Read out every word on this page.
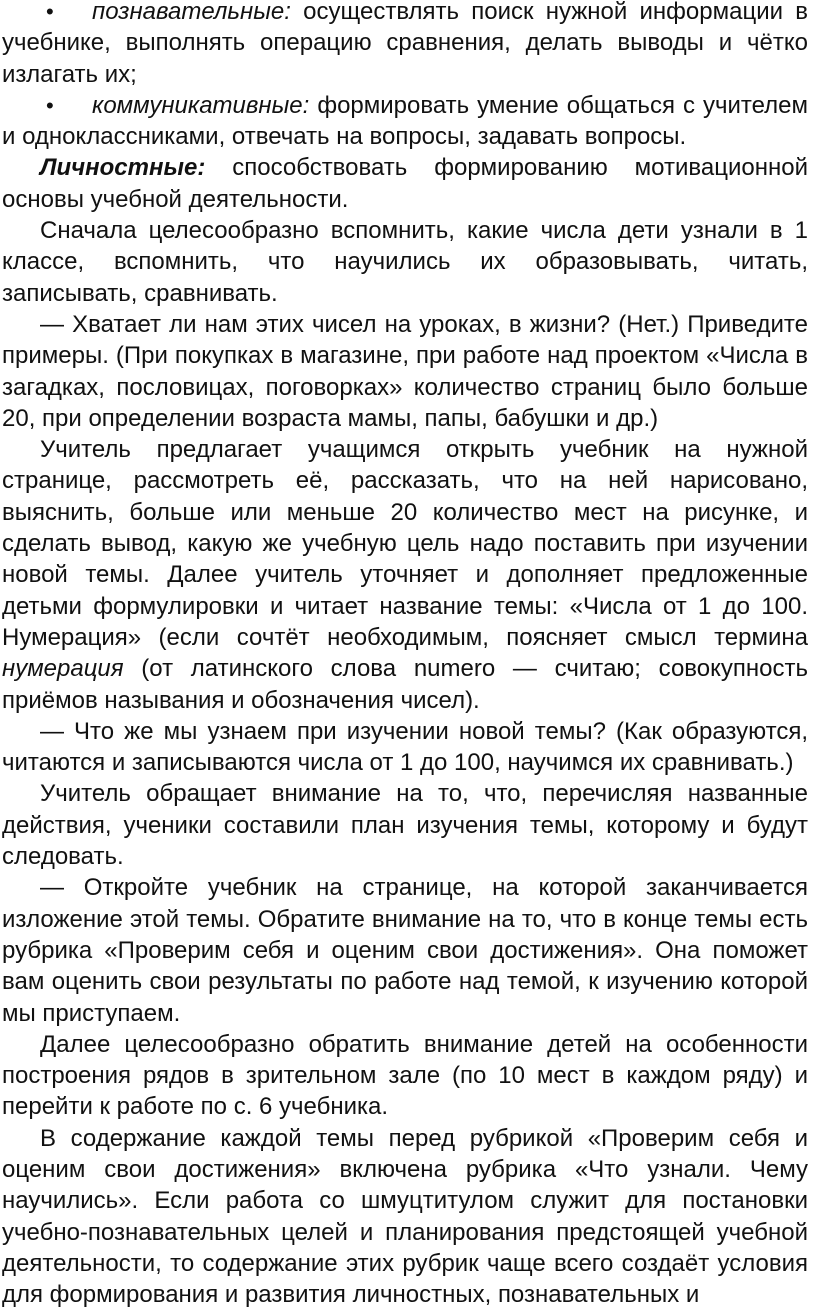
• познавательные: осуществлять поиск нужной информации в учебнике, выполнять операцию сравнения, делать выводы и чётко излагать их;

• коммуникативные: формировать умение общаться с учителем и одноклассниками, отвечать на вопросы, задавать вопросы.

Личностные: способствовать формированию мотивационной основы учебной деятельности.

Сначала целесообразно вспомнить, какие числа дети узнали в 1 классе, вспомнить, что научились их образовывать, читать, записывать, сравнивать.

— Хватает ли нам этих чисел на уроках, в жизни? (Нет.) Приведите примеры. (При покупках в магазине, при работе над проектом «Числа в загадках, пословицах, поговорках» количество страниц было больше 20, при определении возраста мамы, папы, бабушки и др.)

Учитель предлагает учащимся открыть учебник на нужной странице, рассмотреть её, рассказать, что на ней нарисовано, выяснить, больше или меньше 20 количество мест на рисунке, и сделать вывод, какую же учебную цель надо поставить при изучении новой темы. Далее учитель уточняет и дополняет предложенные детьми формулировки и читает название темы: «Числа от 1 до 100. Нумерация» (если сочтёт необходимым, поясняет смысл термина нумерация (от латинского слова numero — считаю; совокупность приёмов называния и обозначения чисел).

— Что же мы узнаем при изучении новой темы? (Как образуются, читаются и записываются числа от 1 до 100, научимся их сравнивать.)

Учитель обращает внимание на то, что, перечисляя названные действия, ученики составили план изучения темы, которому и будут следовать.

— Откройте учебник на странице, на которой заканчивается изложение этой темы. Обратите внимание на то, что в конце темы есть рубрика «Проверим себя и оценим свои достижения». Она поможет вам оценить свои результаты по работе над темой, к изучению которой мы приступаем.

Далее целесообразно обратить внимание детей на особенности построения рядов в зрительном зале (по 10 мест в каждом ряду) и перейти к работе по с. 6 учебника.

В содержание каждой темы перед рубрикой «Проверим себя и оценим свои достижения» включена рубрика «Что узнали. Чему научились». Если работа со шмуцтитулом служит для постановки учебно-познавательных целей и планирования предстоящей учебной деятельности, то содержание этих рубрик чаще всего создаёт условия для формирования и развития личностных, познавательных и
